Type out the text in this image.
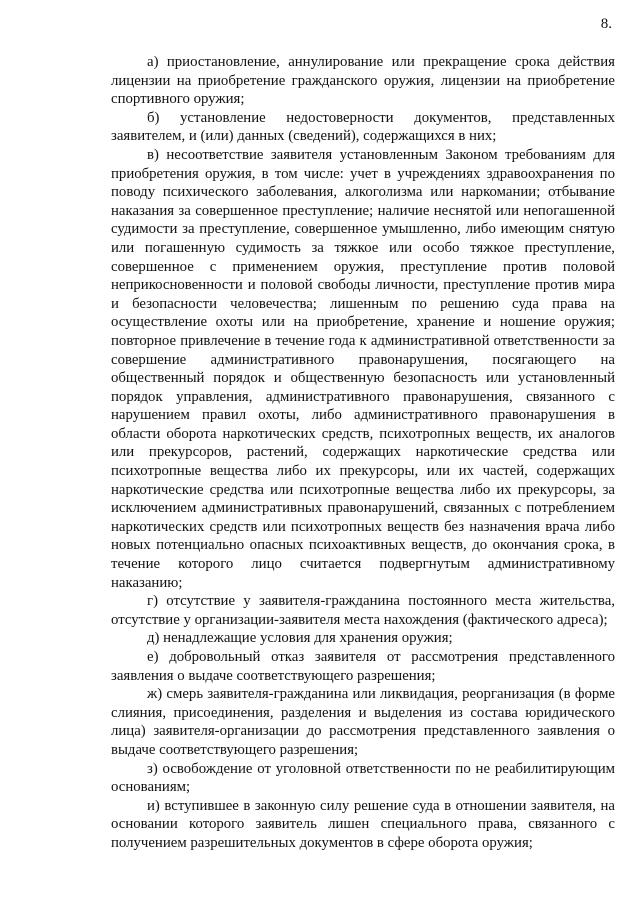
8.

а) приостановление, аннулирование или прекращение срока действия лицензии на приобретение гражданского оружия, лицензии на приобретение спортивного оружия;

б) установление недостоверности документов, представленных заявителем, и (или) данных (сведений), содержащихся в них;

в) несоответствие заявителя установленным Законом требованиям для приобретения оружия, в том числе: учет в учреждениях здравоохранения по поводу психического заболевания, алкоголизма или наркомании; отбывание наказания за совершенное преступление; наличие неснятой или непогашенной судимости за преступление, совершенное умышленно, либо имеющим снятую или погашенную судимость за тяжкое или особо тяжкое преступление, совершенное с применением оружия, преступление против половой неприкосновенности и половой свободы личности, преступление против мира и безопасности человечества; лишенным по решению суда права на осуществление охоты или на приобретение, хранение и ношение оружия; повторное привлечение в течение года к административной ответственности за совершение административного правонарушения, посягающего на общественный порядок и общественную безопасность или установленный порядок управления, административного правонарушения, связанного с нарушением правил охоты, либо административного правонарушения в области оборота наркотических средств, психотропных веществ, их аналогов или прекурсоров, растений, содержащих наркотические средства или психотропные вещества либо их прекурсоры, или их частей, содержащих наркотические средства или психотропные вещества либо их прекурсоры, за исключением административных правонарушений, связанных с потреблением наркотических средств или психотропных веществ без назначения врача либо новых потенциально опасных психоактивных веществ, до окончания срока, в течение которого лицо считается подвергнутым административному наказанию;

г) отсутствие у заявителя-гражданина постоянного места жительства, отсутствие у организации-заявителя места нахождения (фактического адреса);

д) ненадлежащие условия для хранения оружия;

е) добровольный отказ заявителя от рассмотрения представленного заявления о выдаче соответствующего разрешения;

ж) смерь заявителя-гражданина или ликвидация, реорганизация (в форме слияния, присоединения, разделения и выделения из состава юридического лица) заявителя-организации до рассмотрения представленного заявления о выдаче соответствующего разрешения;

з) освобождение от уголовной ответственности по не реабилитирующим основаниям;

и) вступившее в законную силу решение суда в отношении заявителя, на основании которого заявитель лишен специального права, связанного с получением разрешительных документов в сфере оборота оружия;
